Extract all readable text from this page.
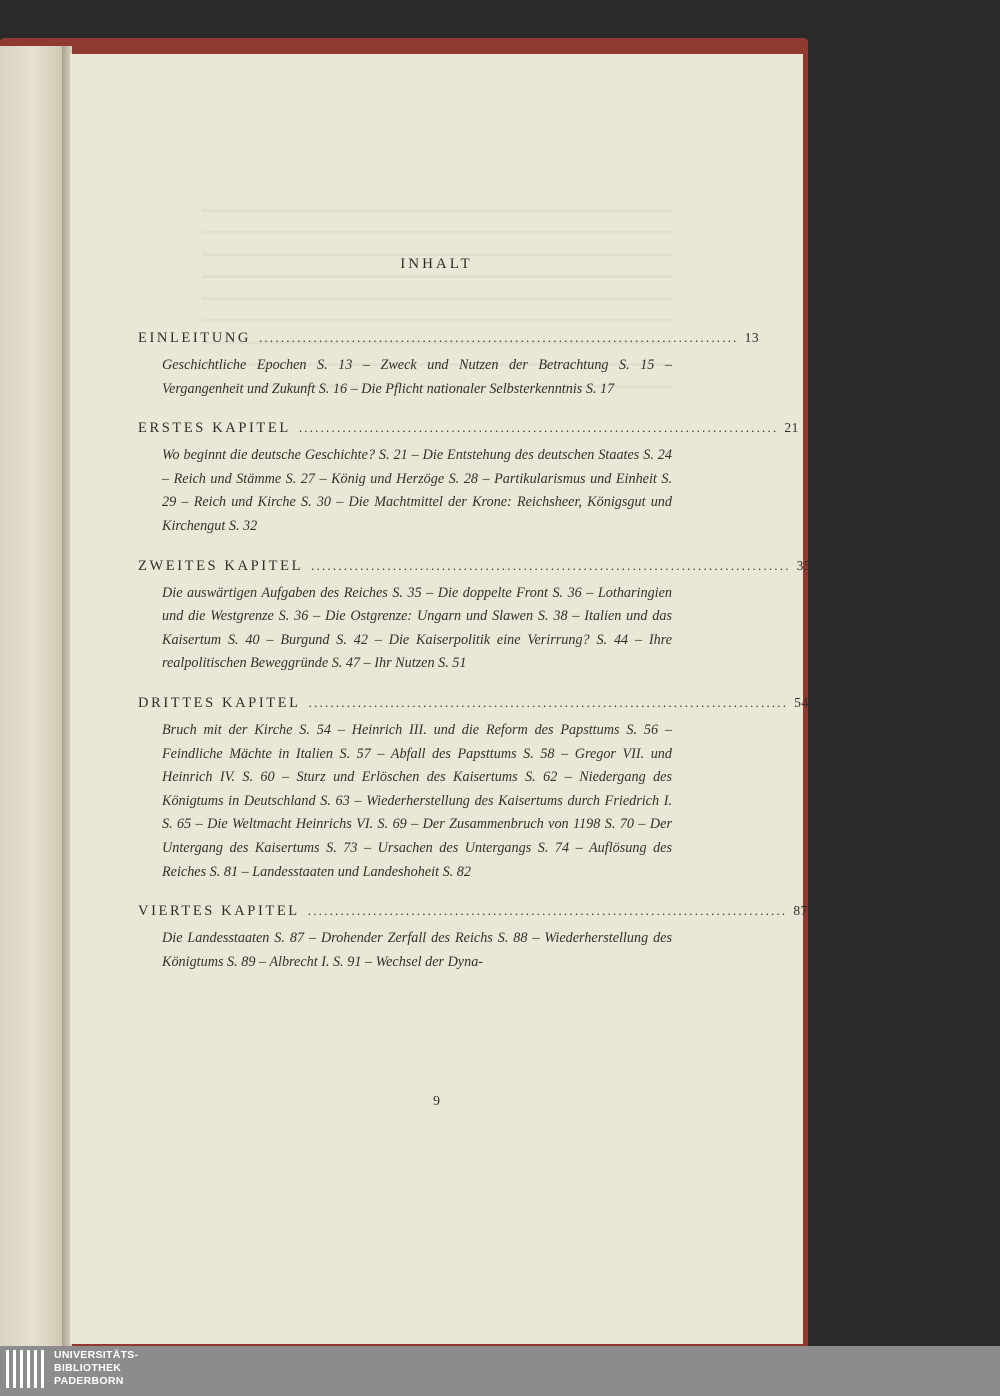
INHALT
EINLEITUNG ........................................................................................ 13

Geschichtliche Epochen S. 13 – Zweck und Nutzen der Betrachtung S. 15 – Vergangenheit und Zukunft S. 16 – Die Pflicht nationaler Selbsterkenntnis S. 17

ERSTES KAPITEL ........................................................................................ 21

Wo beginnt die deutsche Geschichte? S. 21 – Die Entstehung des deutschen Staates S. 24 – Reich und Stämme S. 27 – König und Herzöge S. 28 – Partikularismus und Einheit S. 29 – Reich und Kirche S. 30 – Die Machtmittel der Krone: Reichsheer, Königsgut und Kirchengut S. 32

ZWEITES KAPITEL ........................................................................................ 35

Die auswärtigen Aufgaben des Reiches S. 35 – Die doppelte Front S. 36 – Lotharingien und die Westgrenze S. 36 – Die Ostgrenze: Ungarn und Slawen S. 38 – Italien und das Kaisertum S. 40 – Burgund S. 42 – Die Kaiserpolitik eine Verirrung? S. 44 – Ihre realpolitischen Beweggründe S. 47 – Ihr Nutzen S. 51

DRITTES KAPITEL ........................................................................................ 54

Bruch mit der Kirche S. 54 – Heinrich III. und die Reform des Papsttums S. 56 – Feindliche Mächte in Italien S. 57 – Abfall des Papsttums S. 58 – Gregor VII. und Heinrich IV. S. 60 – Sturz und Erlöschen des Kaisertums S. 62 – Niedergang des Königtums in Deutschland S. 63 – Wiederherstellung des Kaisertums durch Friedrich I. S. 65 – Die Weltmacht Heinrichs VI. S. 69 – Der Zusammenbruch von 1198 S. 70 – Der Untergang des Kaisertums S. 73 – Ursachen des Untergangs S. 74 – Auflösung des Reiches S. 81 – Landesstaaten und Landeshoheit S. 82

VIERTES KAPITEL ........................................................................................ 87

Die Landesstaaten S. 87 – Drohender Zerfall des Reichs S. 88 – Wiederherstellung des Königtums S. 89 – Albrecht I. S. 91 – Wechsel der Dyna-

9
UNIVERSITÄTS-
BIBLIOTHEK
PADERBORN
